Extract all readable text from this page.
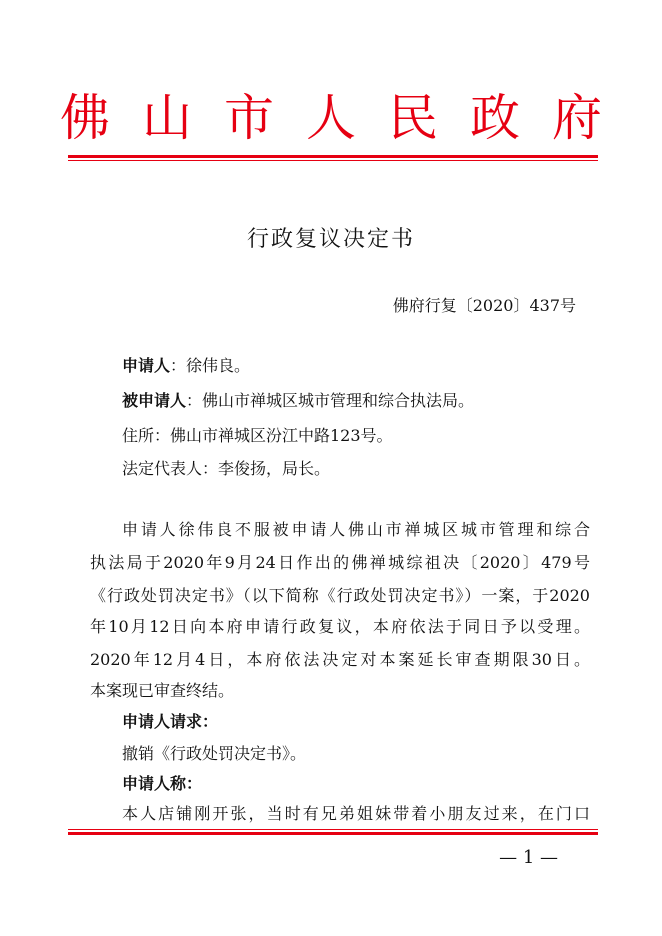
佛山市人民政府
行政复议决定书
佛府行复〔2020〕437号
申请人：徐伟良。
被申请人：佛山市禅城区城市管理和综合执法局。
住所：佛山市禅城区汾江中路123号。
法定代表人：李俊扬，局长。
申请人徐伟良不服被申请人佛山市禅城区城市管理和综合
执法局于2020年9月24日作出的佛禅城综祖决〔2020〕479号
《行政处罚决定书》（以下简称《行政处罚决定书》）一案，于2020
年10月12日向本府申请行政复议，本府依法于同日予以受理。
2020年12月4日，本府依法决定对本案延长审查期限30日。
本案现已审查终结。
申请人请求：
撤销《行政处罚决定书》。
申请人称：
本人店铺刚开张，当时有兄弟姐妹带着小朋友过来，在门口
— 1 —
